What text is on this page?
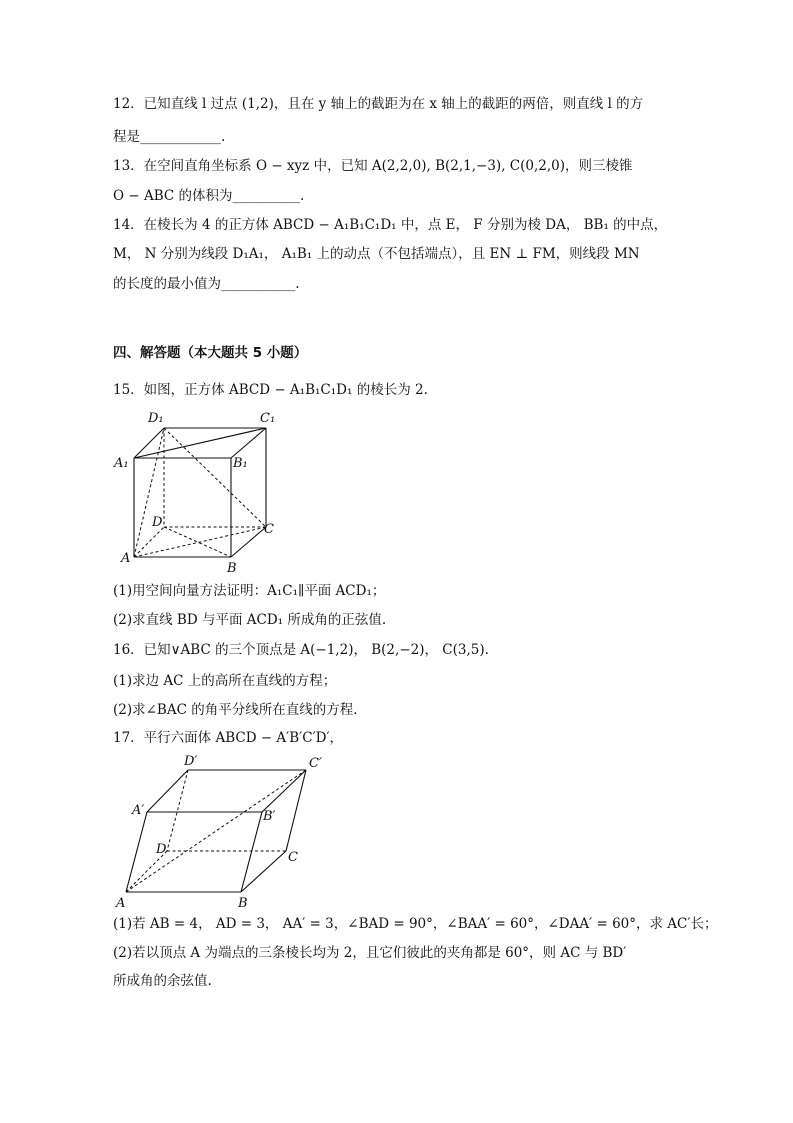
12．已知直线 l 过点 (1,2)，且在 y 轴上的截距为在 x 轴上的截距的两倍，则直线 l 的方
程是____________.
13．在空间直角坐标系 O − xyz 中，已知 A(2,2,0), B(2,1,−3), C(0,2,0)，则三棱锥
O − ABC 的体积为__________.
14．在棱长为 4 的正方体 ABCD − A₁B₁C₁D₁ 中，点 E， F 分别为棱 DA， BB₁ 的中点，
M， N 分别为线段 D₁A₁， A₁B₁ 上的动点（不包括端点），且 EN ⊥ FM，则线段 MN
的长度的最小值为___________.
四、解答题（本大题共 5 小题）
15．如图，正方体 ABCD − A₁B₁C₁D₁ 的棱长为 2.
D₁	C₁
A₁	B₁
D	C
A
B
(1)用空间向量方法证明：A₁C₁∥平面 ACD₁；
(2)求直线 BD 与平面 ACD₁ 所成角的正弦值.
16．已知∨ABC 的三个顶点是 A(−1,2)， B(2,−2)， C(3,5).
(1)求边 AC 上的高所在直线的方程；
(2)求∠BAC 的角平分线所在直线的方程.
17．平行六面体 ABCD − A′B′C′D′，
D′	C′
A′	B′
D
C
A	B
(1)若 AB = 4， AD = 3， AA′ = 3，∠BAD = 90°，∠BAA′ = 60°，∠DAA′ = 60°，求 AC′长；
(2)若以顶点 A 为端点的三条棱长均为 2，且它们彼此的夹角都是 60°，则 AC 与 BD′
所成角的余弦值.
